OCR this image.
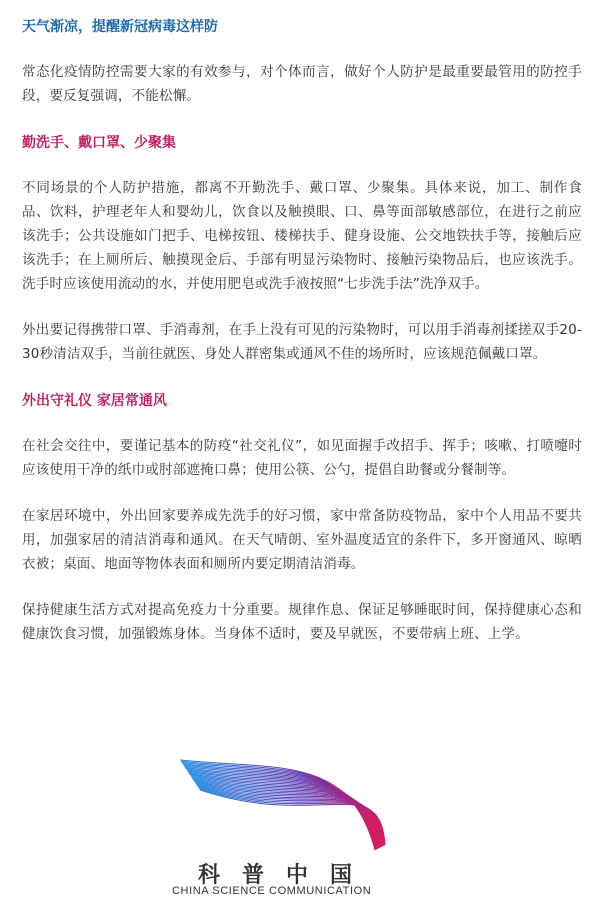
天气渐凉，提醒新冠病毒这样防

常态化疫情防控需要大家的有效参与，对个体而言，做好个人防护是最重要最管用的防控手段，要反复强调，不能松懈。

勤洗手、戴口罩、少聚集

不同场景的个人防护措施，都离不开勤洗手、戴口罩、少聚集。具体来说，加工、制作食品、饮料，护理老年人和婴幼儿，饮食以及触摸眼、口、鼻等面部敏感部位，在进行之前应该洗手；公共设施如门把手、电梯按钮、楼梯扶手、健身设施、公交地铁扶手等，接触后应该洗手；在上厕所后、触摸现金后、手部有明显污染物时、接触污染物品后，也应该洗手。洗手时应该使用流动的水，并使用肥皂或洗手液按照“七步洗手法”洗净双手。

外出要记得携带口罩、手消毒剂，在手上没有可见的污染物时，可以用手消毒剂揉搓双手20-30秒清洁双手，当前往就医、身处人群密集或通风不佳的场所时，应该规范佩戴口罩。

外出守礼仪 家居常通风

在社会交往中，要谨记基本的防疫“社交礼仪”，如见面握手改招手、挥手；咳嗽、打喷嚏时应该使用干净的纸巾或肘部遮掩口鼻；使用公筷、公勺，提倡自助餐或分餐制等。

在家居环境中，外出回家要养成先洗手的好习惯，家中常备防疫物品，家中个人用品不要共用，加强家居的清洁消毒和通风。在天气晴朗、室外温度适宜的条件下，多开窗通风、晾晒衣被；桌面、地面等物体表面和厕所内要定期清洁消毒。

保持健康生活方式对提高免疫力十分重要。规律作息、保证足够睡眠时间，保持健康心态和健康饮食习惯，加强锻炼身体。当身体不适时，要及早就医，不要带病上班、上学。

科普中国
CHINA SCIENCE COMMUNICATION
